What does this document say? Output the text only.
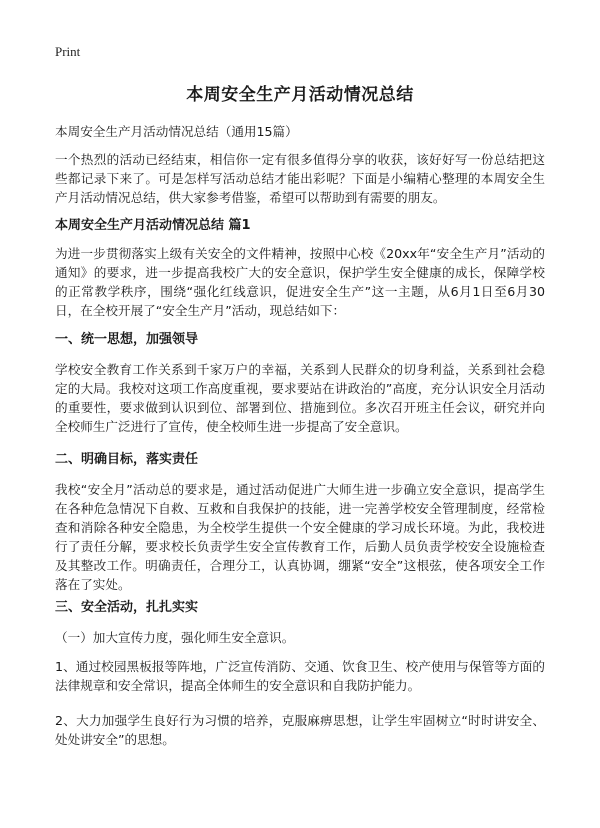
Print
本周安全生产月活动情况总结
本周安全生产月活动情况总结（通用15篇）
一个热烈的活动已经结束，相信你一定有很多值得分享的收获，该好好写一份总结把这些都记录下来了。可是怎样写活动总结才能出彩呢？下面是小编精心整理的本周安全生产月活动情况总结，供大家参考借鉴，希望可以帮助到有需要的朋友。
本周安全生产月活动情况总结 篇1
为进一步贯彻落实上级有关安全的文件精神，按照中心校《20xx年“安全生产月”活动的通知》的要求，进一步提高我校广大的安全意识，保护学生安全健康的成长，保障学校的正常教学秩序，围绕“强化红线意识，促进安全生产”这一主题，从6月1日至6月30日，在全校开展了“安全生产月”活动，现总结如下：
一、统一思想，加强领导
学校安全教育工作关系到千家万户的幸福，关系到人民群众的切身利益，关系到社会稳定的大局。我校对这项工作高度重视，要求要站在讲政治的”高度，充分认识安全月活动的重要性，要求做到认识到位、部署到位、措施到位。多次召开班主任会议，研究并向全校师生广泛进行了宣传，使全校师生进一步提高了安全意识。
二、明确目标，落实责任
我校“安全月”活动总的要求是，通过活动促进广大师生进一步确立安全意识，提高学生在各种危急情况下自救、互救和自我保护的技能，进一完善学校安全管理制度，经常检查和消除各种安全隐患，为全校学生提供一个安全健康的学习成长环境。为此，我校进行了责任分解，要求校长负责学生安全宣传教育工作，后勤人员负责学校安全设施检查及其整改工作。明确责任，合理分工，认真协调，绷紧“安全”这根弦，使各项安全工作落在了实处。
三、安全活动，扎扎实实
（一）加大宣传力度，强化师生安全意识。
1、通过校园黑板报等阵地，广泛宣传消防、交通、饮食卫生、校产使用与保管等方面的法律规章和安全常识，提高全体师生的安全意识和自我防护能力。
2、大力加强学生良好行为习惯的培养，克服麻痹思想，让学生牢固树立“时时讲安全、处处讲安全”的思想。
